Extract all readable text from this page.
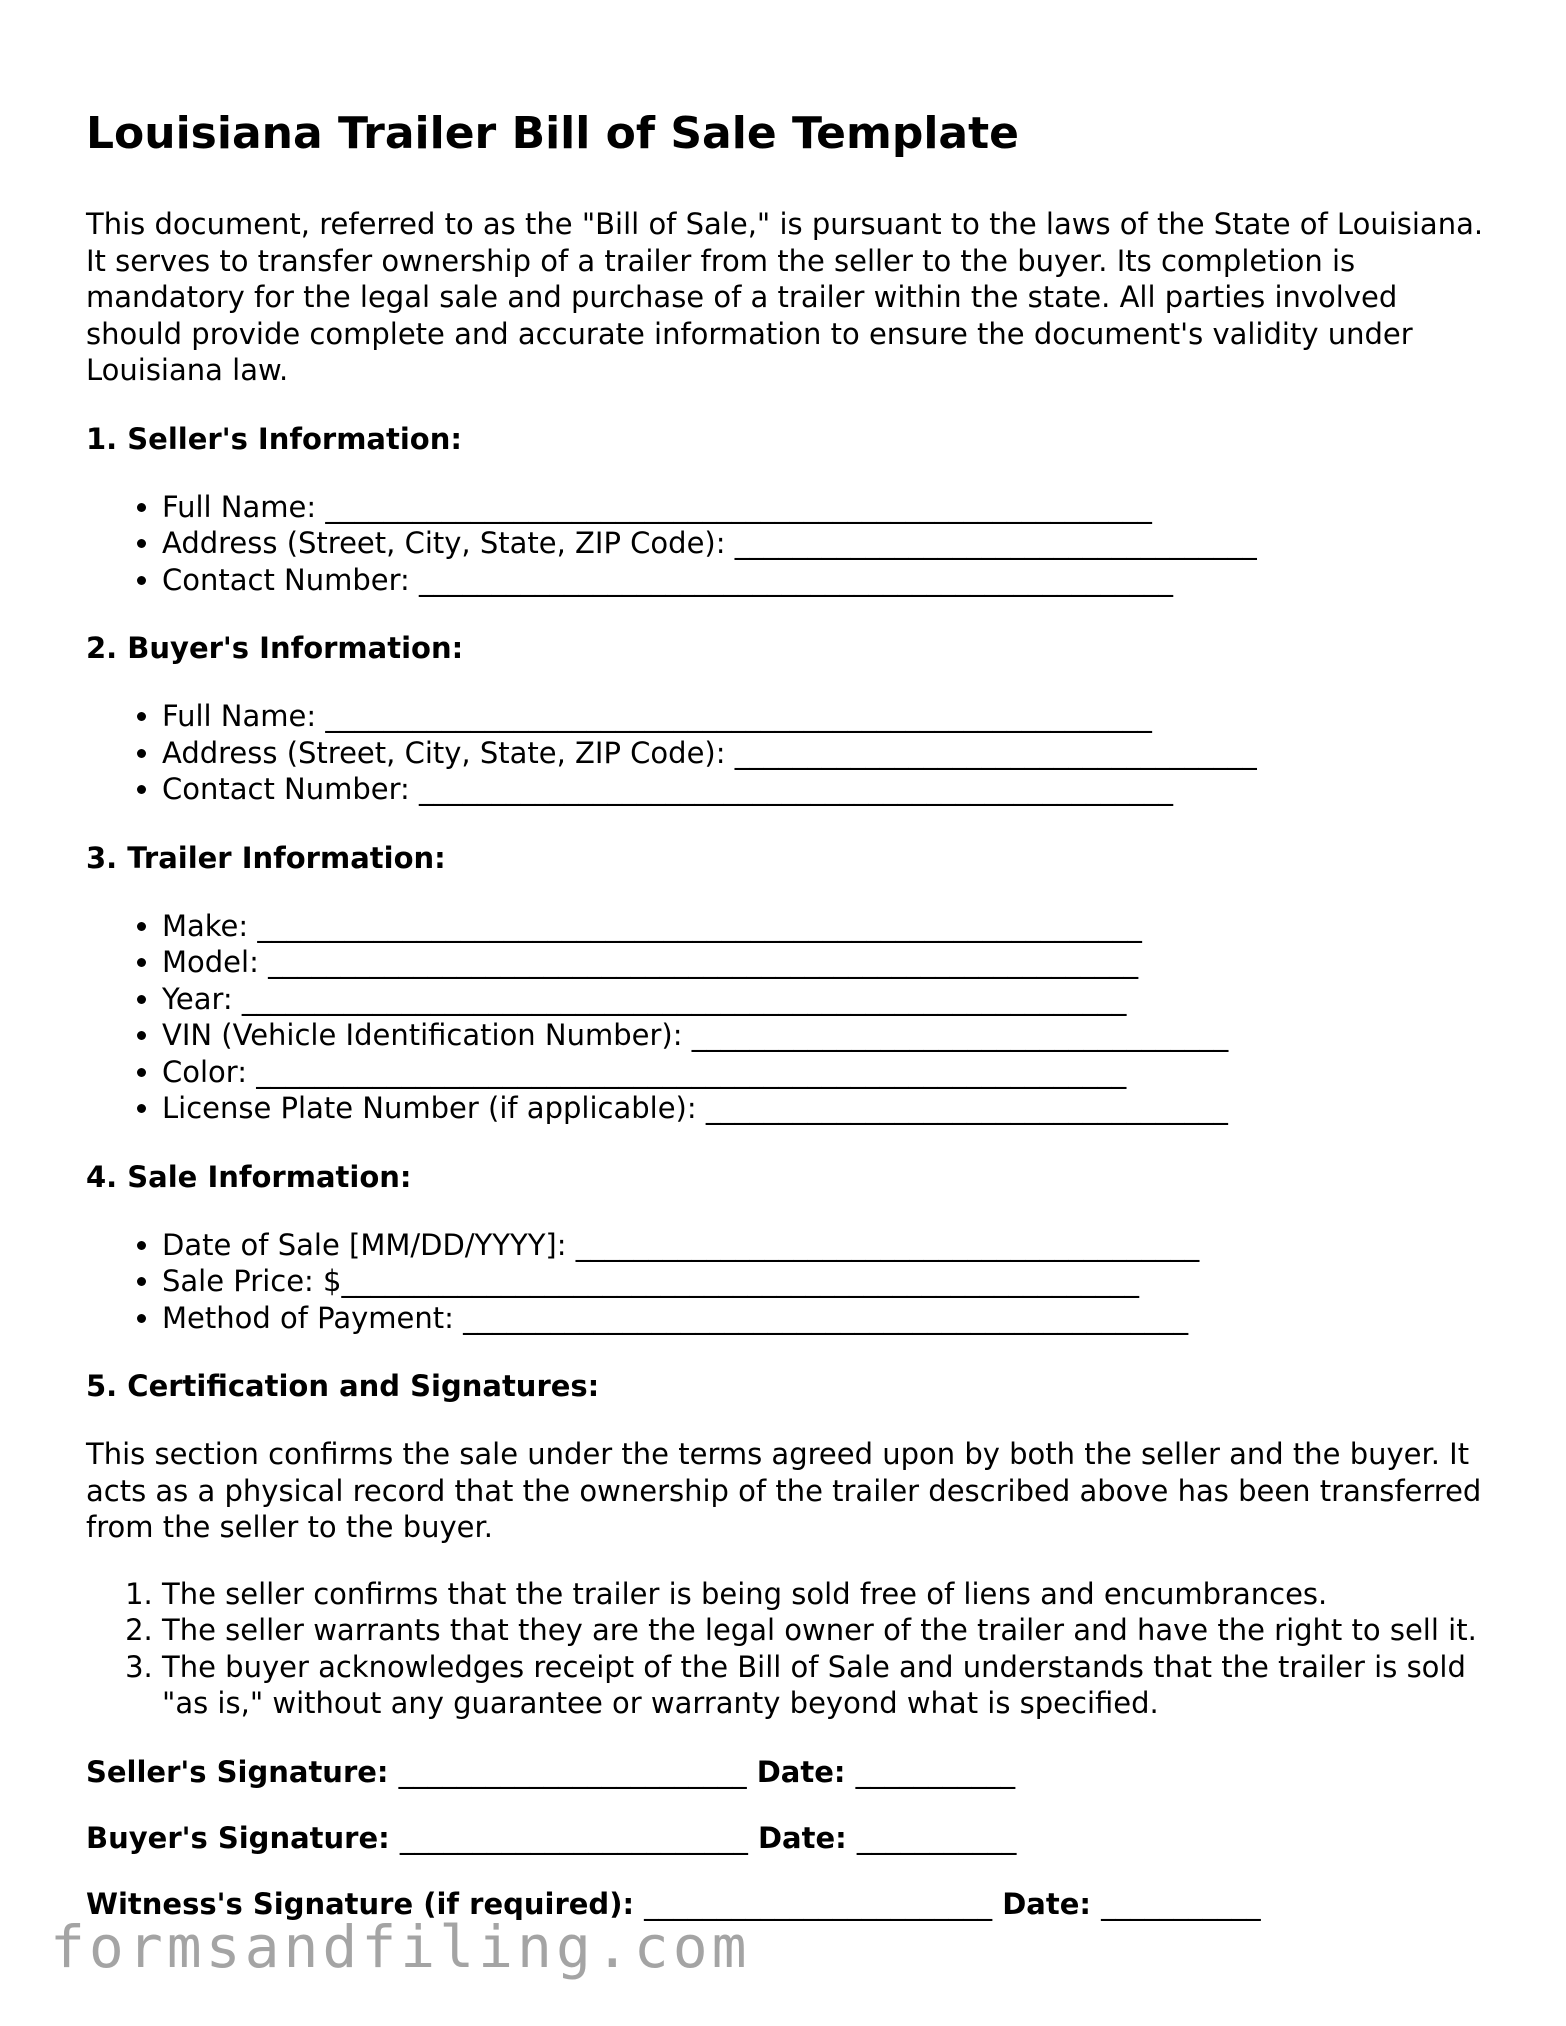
Louisiana Trailer Bill of Sale Template

This document, referred to as the "Bill of Sale," is pursuant to the laws of the State of Louisiana. It serves to transfer ownership of a trailer from the seller to the buyer. Its completion is mandatory for the legal sale and purchase of a trailer within the state. All parties involved should provide complete and accurate information to ensure the document's validity under Louisiana law.

1. Seller's Information:
• Full Name: _________________________________________________________
• Address (Street, City, State, ZIP Code): ____________________________________
• Contact Number: ____________________________________________________
2. Buyer's Information:
• Full Name: _________________________________________________________
• Address (Street, City, State, ZIP Code): ____________________________________
• Contact Number: ____________________________________________________
3. Trailer Information:
• Make: _____________________________________________________________
• Model: ____________________________________________________________
• Year: _____________________________________________________________
• VIN (Vehicle Identification Number): _____________________________________
• Color: ____________________________________________________________
• License Plate Number (if applicable): ____________________________________
4. Sale Information:
• Date of Sale [MM/DD/YYYY]: ___________________________________________
• Sale Price: $_______________________________________________________
• Method of Payment: __________________________________________________
5. Certification and Signatures:

This section confirms the sale under the terms agreed upon by both the seller and the buyer. It acts as a physical record that the ownership of the trailer described above has been transferred from the seller to the buyer.

1. The seller confirms that the trailer is being sold free of liens and encumbrances.
2. The seller warrants that they are the legal owner of the trailer and have the right to sell it.
3. The buyer acknowledges receipt of the Bill of Sale and understands that the trailer is sold "as is," without any guarantee or warranty beyond what is specified.
Seller's Signature: ________________________ Date: ___________
Buyer's Signature: ________________________ Date: ___________
Witness's Signature (if required): ________________________ Date: ___________
formsandfiling.com
